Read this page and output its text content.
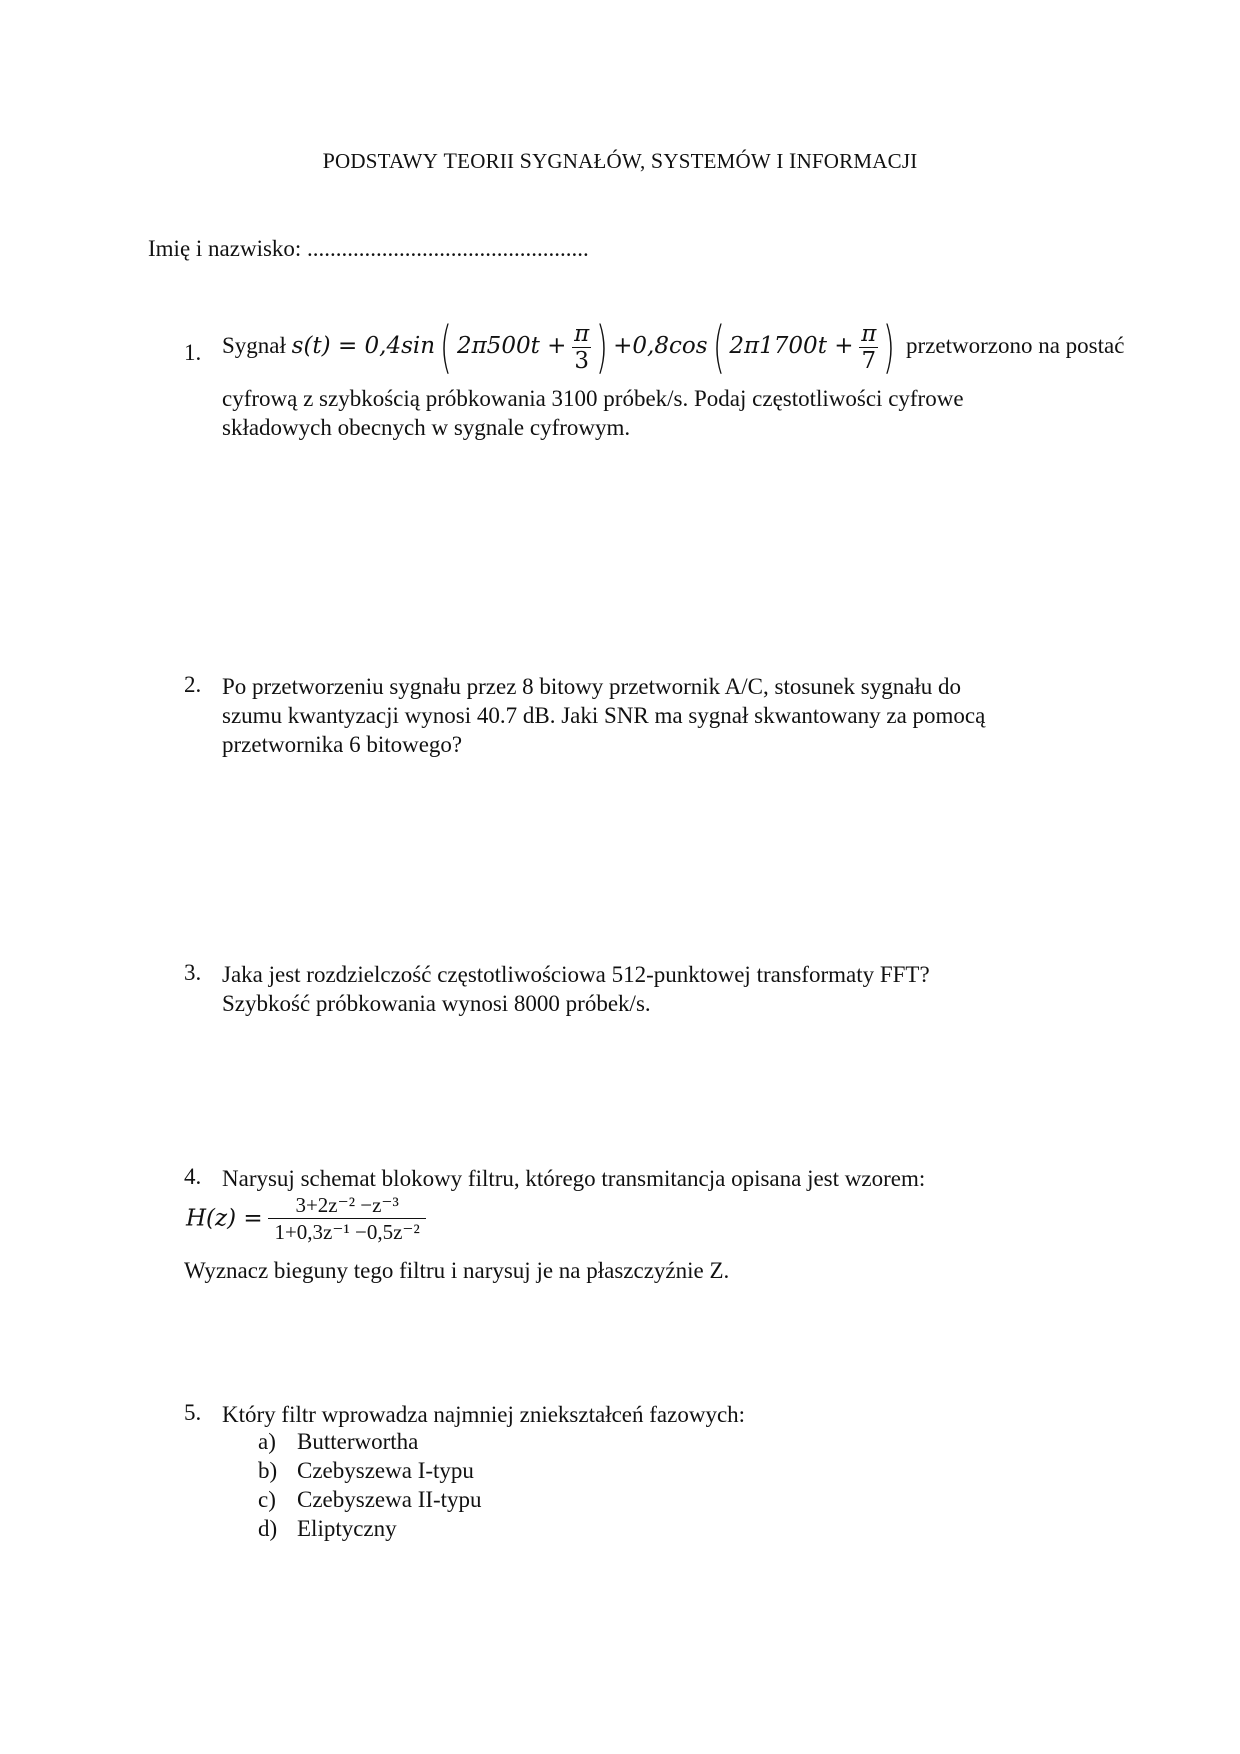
PODSTAWY TEORII SYGNAŁÓW, SYSTEMÓW I INFORMACJI
Imię i nazwisko: .................................................
1. Sygnał s(t) = 0,4sin( $2\pi 500t + \frac{\pi}{3}$ ) +0,8cos( $2\pi 1700t + \frac{\pi}{7}$ ) przetworzono na postać
cyfrową z szybkością próbkowania 3100 próbek/s. Podaj częstotliwości cyfrowe
składowych obecnych w sygnale cyfrowym.
2. Po przetworzeniu sygnału przez 8 bitowy przetwornik A/C, stosunek sygnału do
szumu kwantyzacji wynosi 40.7 dB. Jaki SNR ma sygnał skwantowany za pomocą
przetwornika 6 bitowego?
3. Jaka jest rozdzielczość częstotliwościowa 512-punktowej transformaty FFT?
Szybkość próbkowania wynosi 8000 próbek/s.
4. Narysuj schemat blokowy filtru, którego transmitancja opisana jest wzorem:
$H(z) = \frac{\text{3+2z⁻² −z⁻³}}{\text{1+0,3z⁻¹ −0,5z⁻²}}$
Wyznacz bieguny tego filtru i narysuj je na płaszczyźnie Z.
5. Który filtr wprowadza najmniej zniekształceń fazowych:
a) Butterwortha
b) Czebyszewa I-typu
c) Czebyszewa II-typu
d) Eliptyczny
